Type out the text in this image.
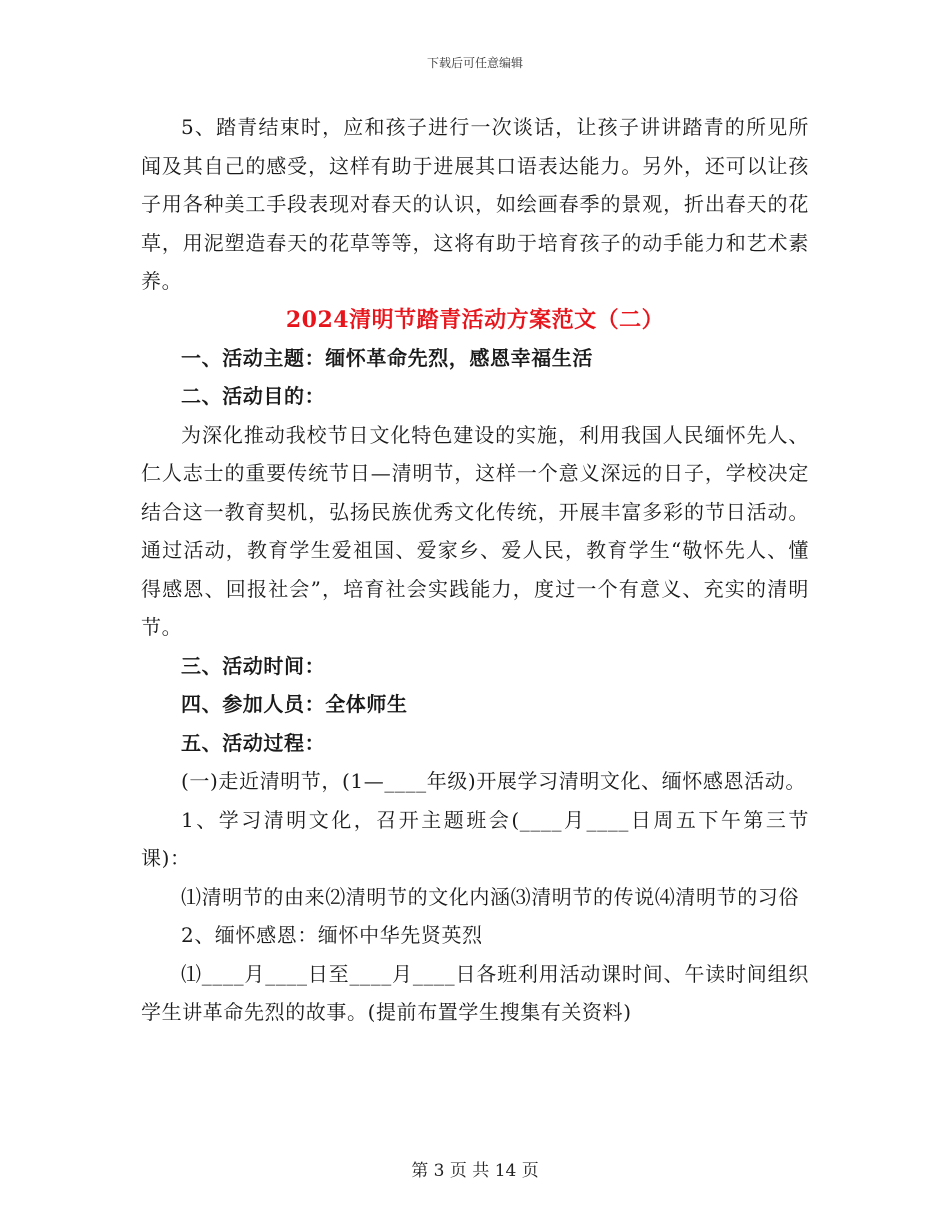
下载后可任意编辑

5、踏青结束时，应和孩子进行一次谈话，让孩子讲讲踏青的所见所闻及其自己的感受，这样有助于进展其口语表达能力。另外，还可以让孩子用各种美工手段表现对春天的认识，如绘画春季的景观，折出春天的花草，用泥塑造春天的花草等等，这将有助于培育孩子的动手能力和艺术素养。

2024清明节踏青活动方案范文（二）

一、活动主题：缅怀革命先烈，感恩幸福生活

二、活动目的：

为深化推动我校节日文化特色建设的实施，利用我国人民缅怀先人、仁人志士的重要传统节日—清明节，这样一个意义深远的日子，学校决定结合这一教育契机，弘扬民族优秀文化传统，开展丰富多彩的节日活动。通过活动，教育学生爱祖国、爱家乡、爱人民，教育学生“敬怀先人、懂得感恩、回报社会”，培育社会实践能力，度过一个有意义、充实的清明节。

三、活动时间：

四、参加人员：全体师生

五、活动过程：

(一)走近清明节，(1—____年级)开展学习清明文化、缅怀感恩活动。

1、学习清明文化，召开主题班会(____月____日周五下午第三节课)：

⑴清明节的由来⑵清明节的文化内涵⑶清明节的传说⑷清明节的习俗

2、缅怀感恩：缅怀中华先贤英烈

⑴____月____日至____月____日各班利用活动课时间、午读时间组织学生讲革命先烈的故事。(提前布置学生搜集有关资料)

第 3 页 共 14 页
